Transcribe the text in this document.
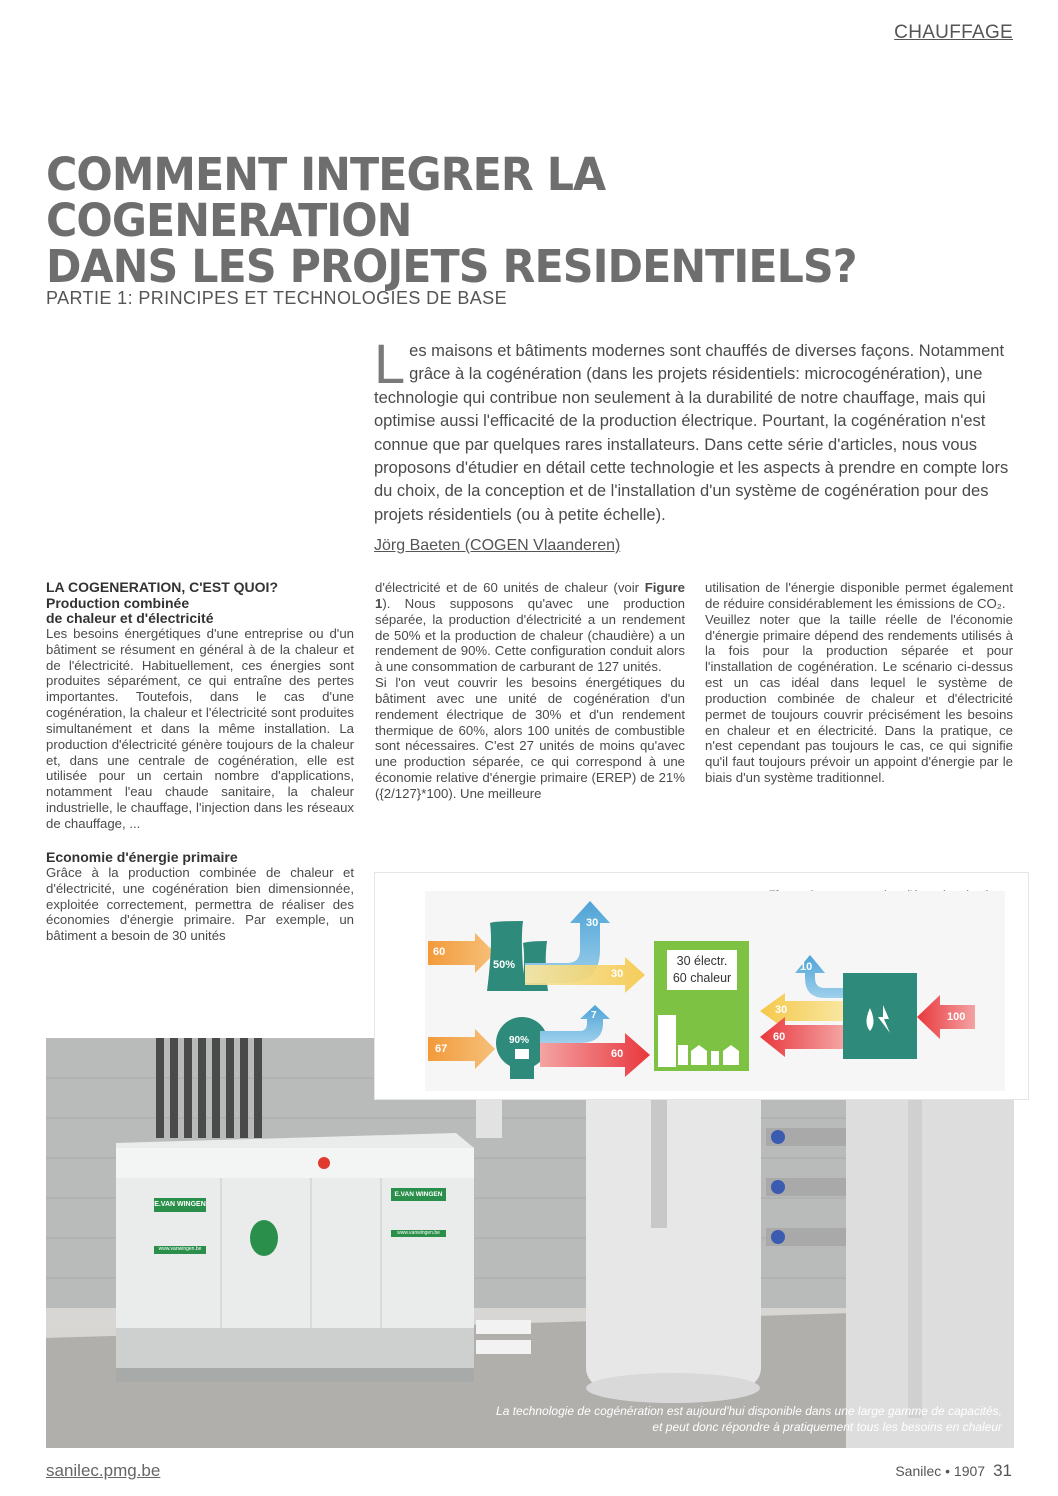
CHAUFFAGE
COMMENT INTEGRER LA COGENERATION
DANS LES PROJETS RESIDENTIELS?
PARTIE 1: PRINCIPES ET TECHNOLOGIES DE BASE
Les maisons et bâtiments modernes sont chauffés de diverses façons. Notamment grâce à la cogénération (dans les projets résidentiels: microcogénération), une technologie qui contribue non seulement à la durabilité de notre chauffage, mais qui optimise aussi l'efficacité de la production électrique. Pourtant, la cogénération n'est connue que par quelques rares installateurs. Dans cette série d'articles, nous vous proposons d'étudier en détail cette technologie et les aspects à prendre en compte lors du choix, de la conception et de l'installation d'un système de cogénération pour des projets résidentiels (ou à petite échelle).
Jörg Baeten (COGEN Vlaanderen)

LA COGENERATION, C'EST QUOI?

Production combinée
de chaleur et d'électricité

Les besoins énergétiques d'une entreprise ou d'un bâtiment se résument en général à de la chaleur et de l'électricité. Habituellement, ces énergies sont produites séparément, ce qui entraîne des pertes importantes. Toutefois, dans le cas d'une cogénération, la chaleur et l'électricité sont produites simultanément et dans la même installation. La production d'électricité génère toujours de la chaleur et, dans une centrale de cogénération, elle est utilisée pour un certain nombre d'applications, notamment l'eau chaude sanitaire, la chaleur industrielle, le chauffage, l'injection dans les réseaux de chauffage, ...

Economie d'énergie primaire

Grâce à la production combinée de chaleur et d'électricité, une cogénération bien dimensionnée, exploitée correctement, permettra de réaliser des économies d'énergie primaire. Par exemple, un bâtiment a besoin de 30 unités

d'électricité et de 60 unités de chaleur (voir Figure 1). Nous supposons qu'avec une production séparée, la production d'électricité a un rendement de 50% et la production de chaleur (chaudière) a un rendement de 90%. Cette configuration conduit alors à une consommation de carburant de 127 unités.

Si l'on veut couvrir les besoins énergétiques du bâtiment avec une unité de cogénération d'un rendement électrique de 30% et d'un rendement thermique de 60%, alors 100 unités de combustible sont nécessaires. C'est 27 unités de moins qu'avec une production séparée, ce qui correspond à une économie relative d'énergie primaire (EREP) de 21% ({2/127}*100). Une meilleure

utilisation de l'énergie disponible permet également de réduire considérablement les émissions de CO₂.

Veuillez noter que la taille réelle de l'économie d'énergie primaire dépend des rendements utilisés à la fois pour la production séparée et pour l'installation de cogénération. Le scénario ci-dessus est un cas idéal dans lequel le système de production combinée de chaleur et d'électricité permet de toujours couvrir précisément les besoins en chaleur et en électricité. Dans la pratique, ce n'est cependant pas toujours le cas, ce qui signifie qu'il faut toujours prévoir un appoint d'énergie par le biais d'un système traditionnel.

E.VAN WINGEN
www.vanwingen.be
E.VAN WINGEN
www.vanwingen.be
La technologie de cogénération est aujourd'hui disponible dans une large gamme de capacités,
et peut donc répondre à pratiquement tous les besoins en chaleur
60
50%
30
30
67
90%
7
60
30 électr.
60 chaleur
100
10
30
60
sanilec.pmg.be	Sanilec • 1907 31
